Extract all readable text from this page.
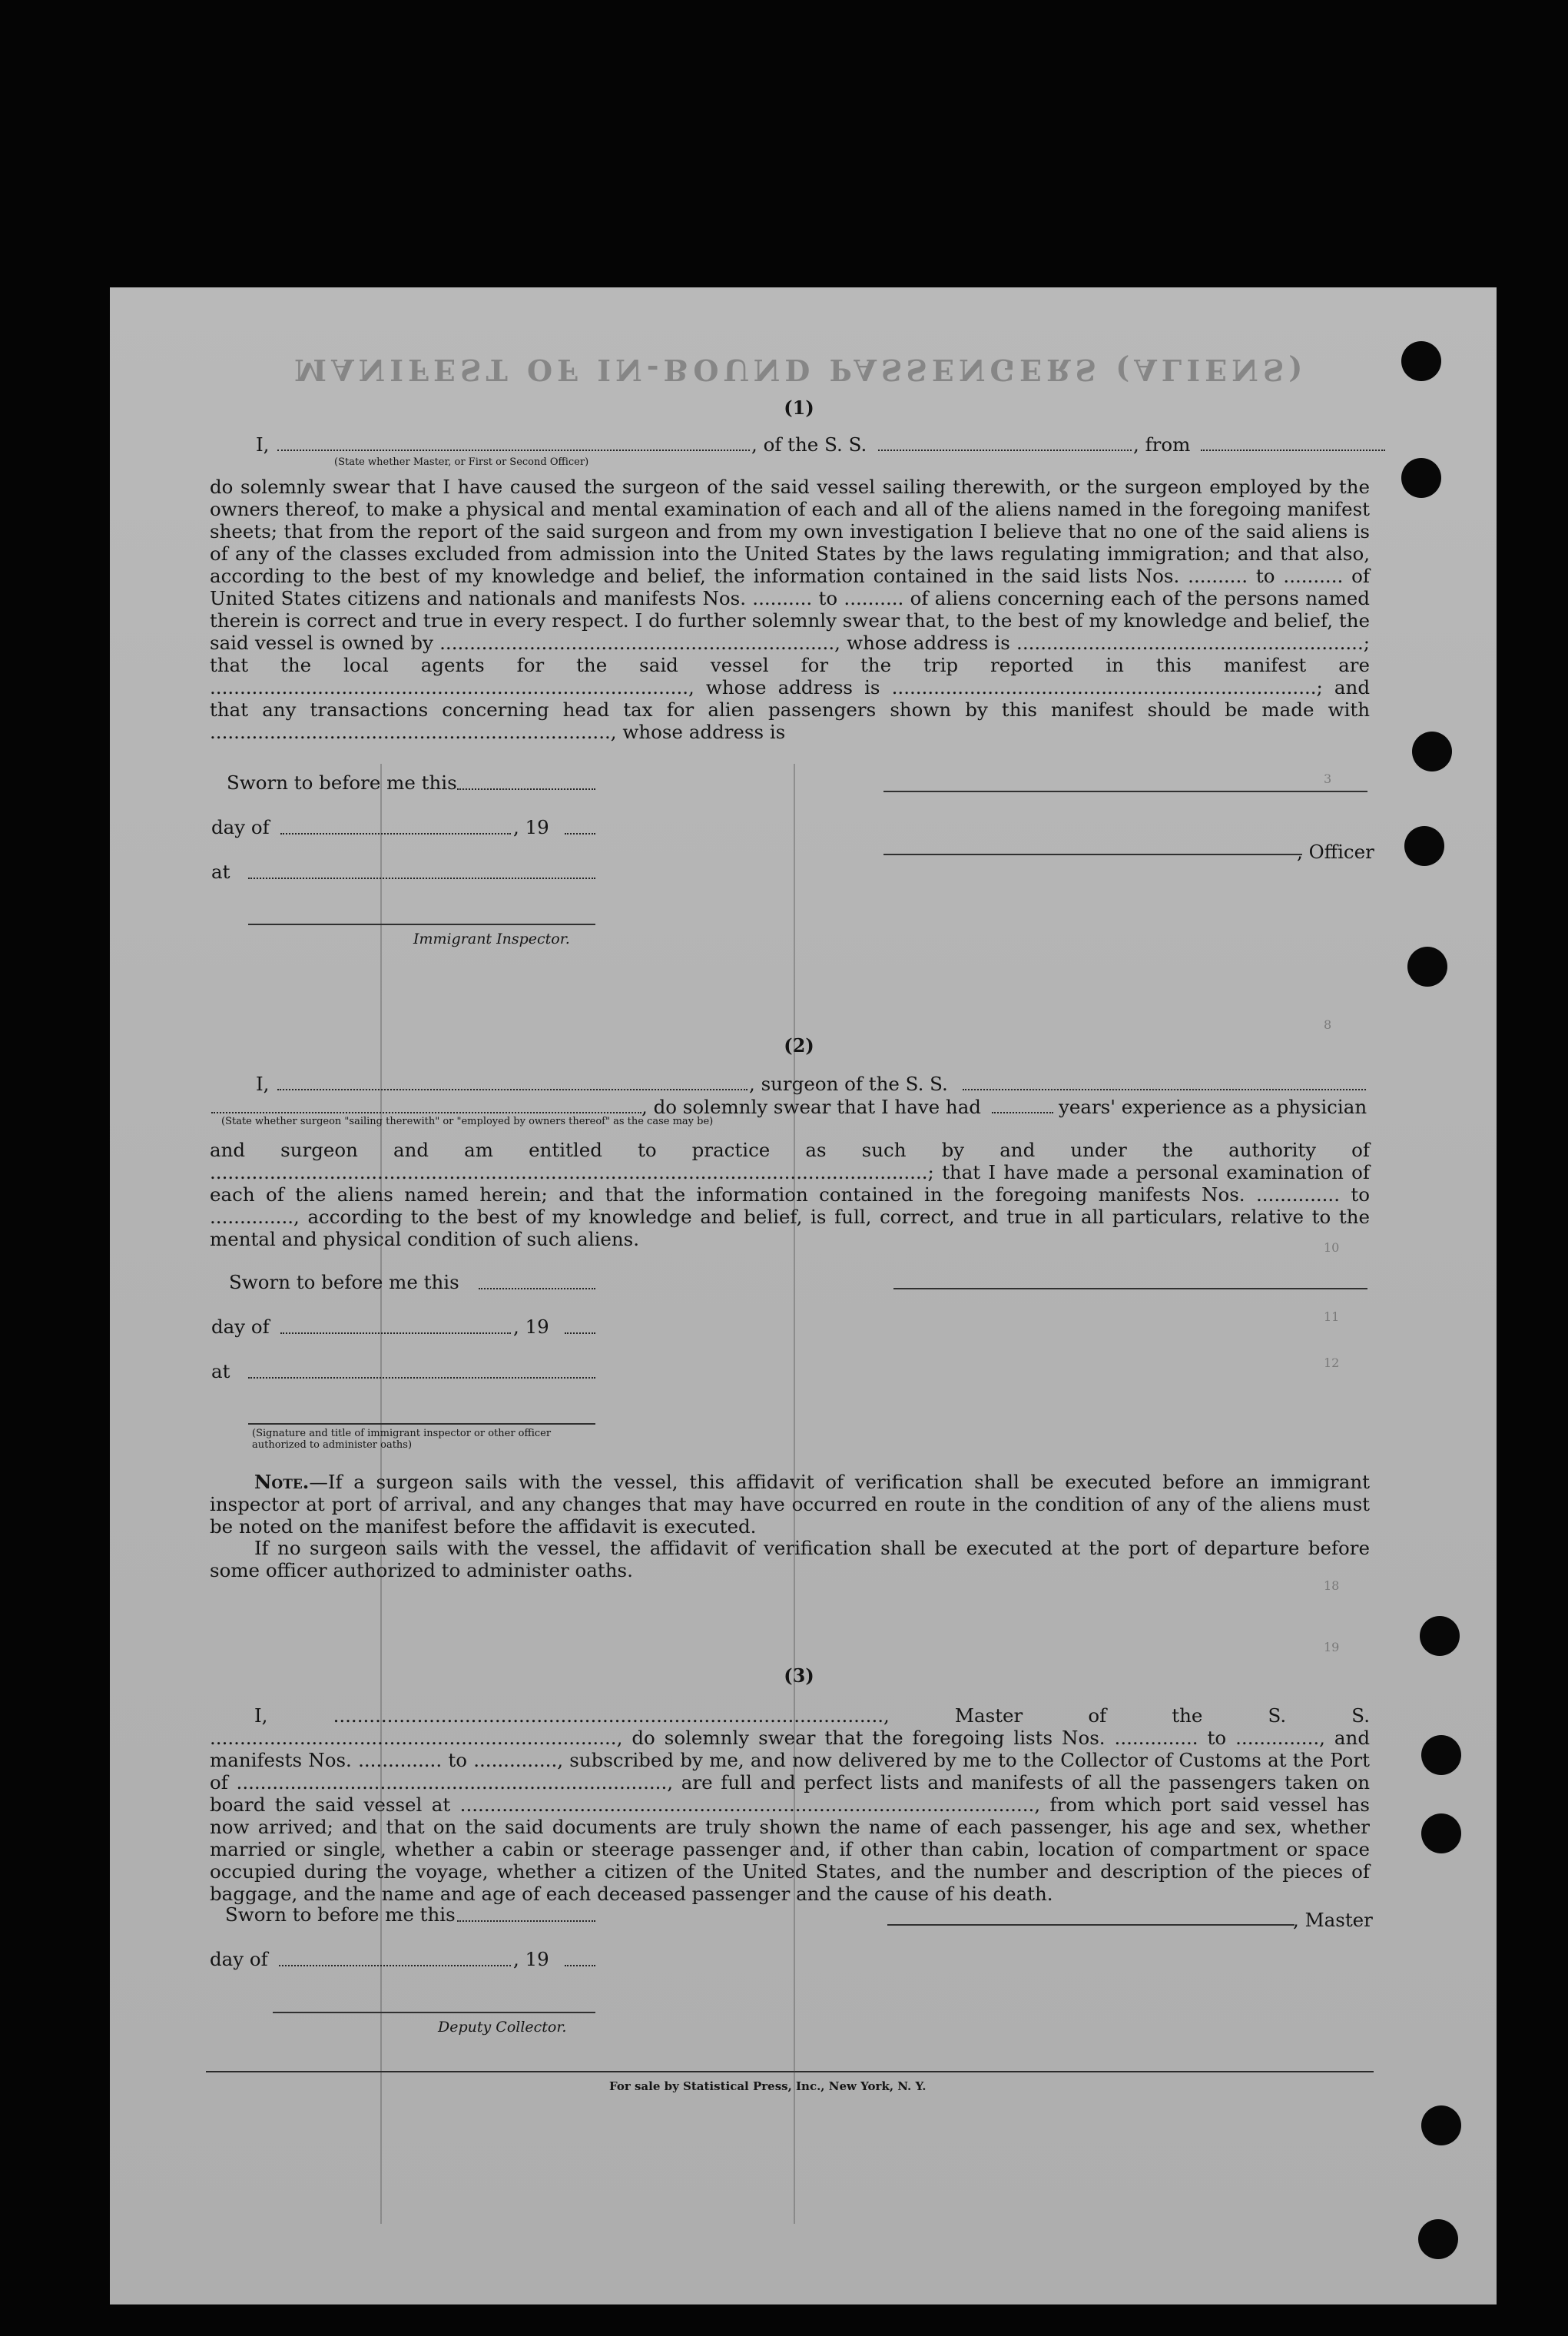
MANIFEST OF IN-BOUND PASSENGERS (ALIENS)
3
8
10
11
12
18
19
(1)
I,	, of the S. S.	, from
(State whether Master, or First or Second Officer)
do solemnly swear that I have caused the surgeon of the said vessel sailing therewith, or the surgeon employed by the owners thereof, to make a physical and mental examination of each and all of the aliens named in the foregoing manifest sheets; that from the report of the said surgeon and from my own investigation I believe that no one of the said aliens is of any of the classes excluded from admission into the United States by the laws regulating immigration; and that also, according to the best of my knowledge and belief, the information contained in the said lists Nos. .......... to .......... of United States citizens and nationals and manifests Nos. .......... to .......... of aliens concerning each of the persons named therein is correct and true in every respect. I do further solemnly swear that, to the best of my knowledge and belief, the said vessel is owned by .................................................................., whose address is ..........................................................; that the local agents for the said vessel for the trip reported in this manifest are ................................................................................, whose address is .......................................................................; and that any transactions concerning head tax for alien passengers shown by this manifest should be made with ..................................................................., whose address is
Sworn to before me this
day of	, 19
, Officer
at
Immigrant Inspector.
(2)
I,	, surgeon of the S. S.
, do solemnly swear that I have had	years' experience as a physician
(State whether surgeon "sailing therewith" or "employed by owners thereof" as the case may be)
and surgeon and am entitled to practice as such by and under the authority of ........................................................................................................................; that I have made a personal examination of each of the aliens named herein; and that the information contained in the foregoing manifests Nos. .............. to .............., according to the best of my knowledge and belief, is full, correct, and true in all particulars, relative to the mental and physical condition of such aliens.
Sworn to before me this
day of	, 19
at
(Signature and title of immigrant inspector or other officer authorized to administer oaths)
Note.—If a surgeon sails with the vessel, this affidavit of verification shall be executed before an immigrant inspector at port of arrival, and any changes that may have occurred en route in the condition of any of the aliens must be noted on the manifest before the affidavit is executed.
If no surgeon sails with the vessel, the affidavit of verification shall be executed at the port of departure before some officer authorized to administer oaths.
(3)
I, ............................................................................................, Master of the S. S. ...................................................................., do solemnly swear that the foregoing lists Nos. .............. to .............., and manifests Nos. .............. to .............., subscribed by me, and now delivered by me to the Collector of Customs at the Port of ........................................................................, are full and perfect lists and manifests of all the passengers taken on board the said vessel at ................................................................................................, from which port said vessel has now arrived; and that on the said documents are truly shown the name of each passenger, his age and sex, whether married or single, whether a cabin or steerage passenger and, if other than cabin, location of compartment or space occupied during the voyage, whether a citizen of the United States, and the number and description of the pieces of baggage, and the name and age of each deceased passenger and the cause of his death.
Sworn to before me this	, Master
day of	, 19
Deputy Collector.
For sale by Statistical Press, Inc., New York, N. Y.
